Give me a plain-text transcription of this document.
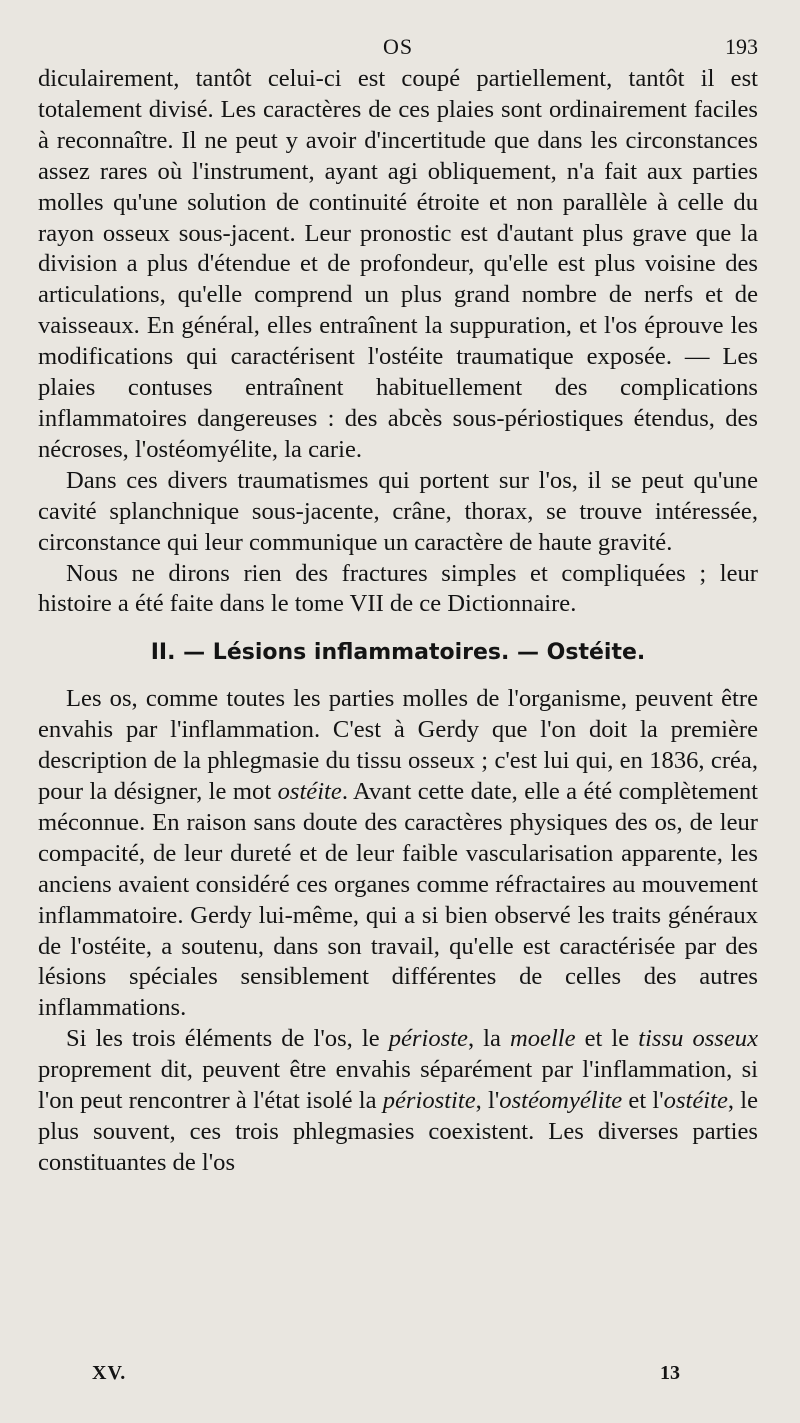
OS	193

diculairement, tantôt celui-ci est coupé partiellement, tantôt il est totalement divisé. Les caractères de ces plaies sont ordinairement faciles à reconnaître. Il ne peut y avoir d'incertitude que dans les circonstances assez rares où l'instrument, ayant agi obliquement, n'a fait aux parties molles qu'une solution de continuité étroite et non parallèle à celle du rayon osseux sous-jacent. Leur pronostic est d'autant plus grave que la division a plus d'étendue et de profondeur, qu'elle est plus voisine des articulations, qu'elle comprend un plus grand nombre de nerfs et de vaisseaux. En général, elles entraînent la suppuration, et l'os éprouve les modifications qui caractérisent l'ostéite traumatique exposée. — Les plaies contuses entraînent habituellement des complications inflammatoires dangereuses : des abcès sous-périostiques étendus, des nécroses, l'ostéomyélite, la carie.

Dans ces divers traumatismes qui portent sur l'os, il se peut qu'une cavité splanchnique sous-jacente, crâne, thorax, se trouve intéressée, circonstance qui leur communique un caractère de haute gravité.

Nous ne dirons rien des fractures simples et compliquées ; leur histoire a été faite dans le tome VII de ce Dictionnaire.

II. — Lésions inflammatoires. — Ostéite.

Les os, comme toutes les parties molles de l'organisme, peuvent être envahis par l'inflammation. C'est à Gerdy que l'on doit la première description de la phlegmasie du tissu osseux ; c'est lui qui, en 1836, créa, pour la désigner, le mot ostéite. Avant cette date, elle a été complètement méconnue. En raison sans doute des caractères physiques des os, de leur compacité, de leur dureté et de leur faible vascularisation apparente, les anciens avaient considéré ces organes comme réfractaires au mouvement inflammatoire. Gerdy lui-même, qui a si bien observé les traits généraux de l'ostéite, a soutenu, dans son travail, qu'elle est caractérisée par des lésions spéciales sensiblement différentes de celles des autres inflammations.

Si les trois éléments de l'os, le périoste, la moelle et le tissu osseux proprement dit, peuvent être envahis séparément par l'inflammation, si l'on peut rencontrer à l'état isolé la périostite, l'ostéomyélite et l'ostéite, le plus souvent, ces trois phlegmasies coexistent. Les diverses parties constituantes de l'os

XV.	13
